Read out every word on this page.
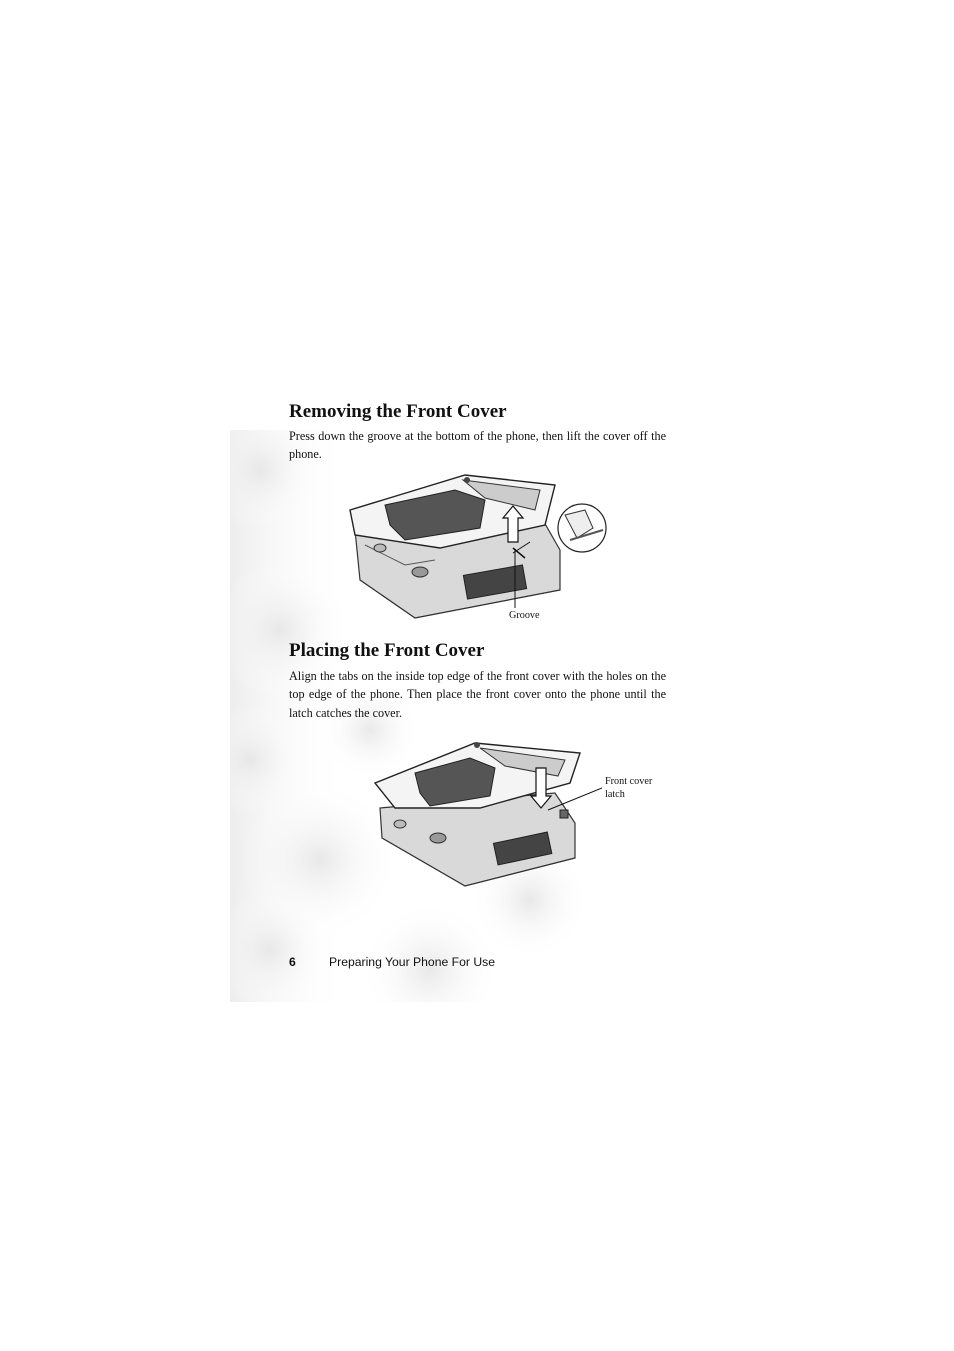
Removing the Front Cover

Press down the groove at the bottom of the phone, then lift the cover off the phone.

Groove
Placing the Front Cover

Align the tabs on the inside top edge of the front cover with the holes on the top edge of the phone. Then place the front cover onto the phone until the latch catches the cover.

Front cover latch
6	Preparing Your Phone For Use
